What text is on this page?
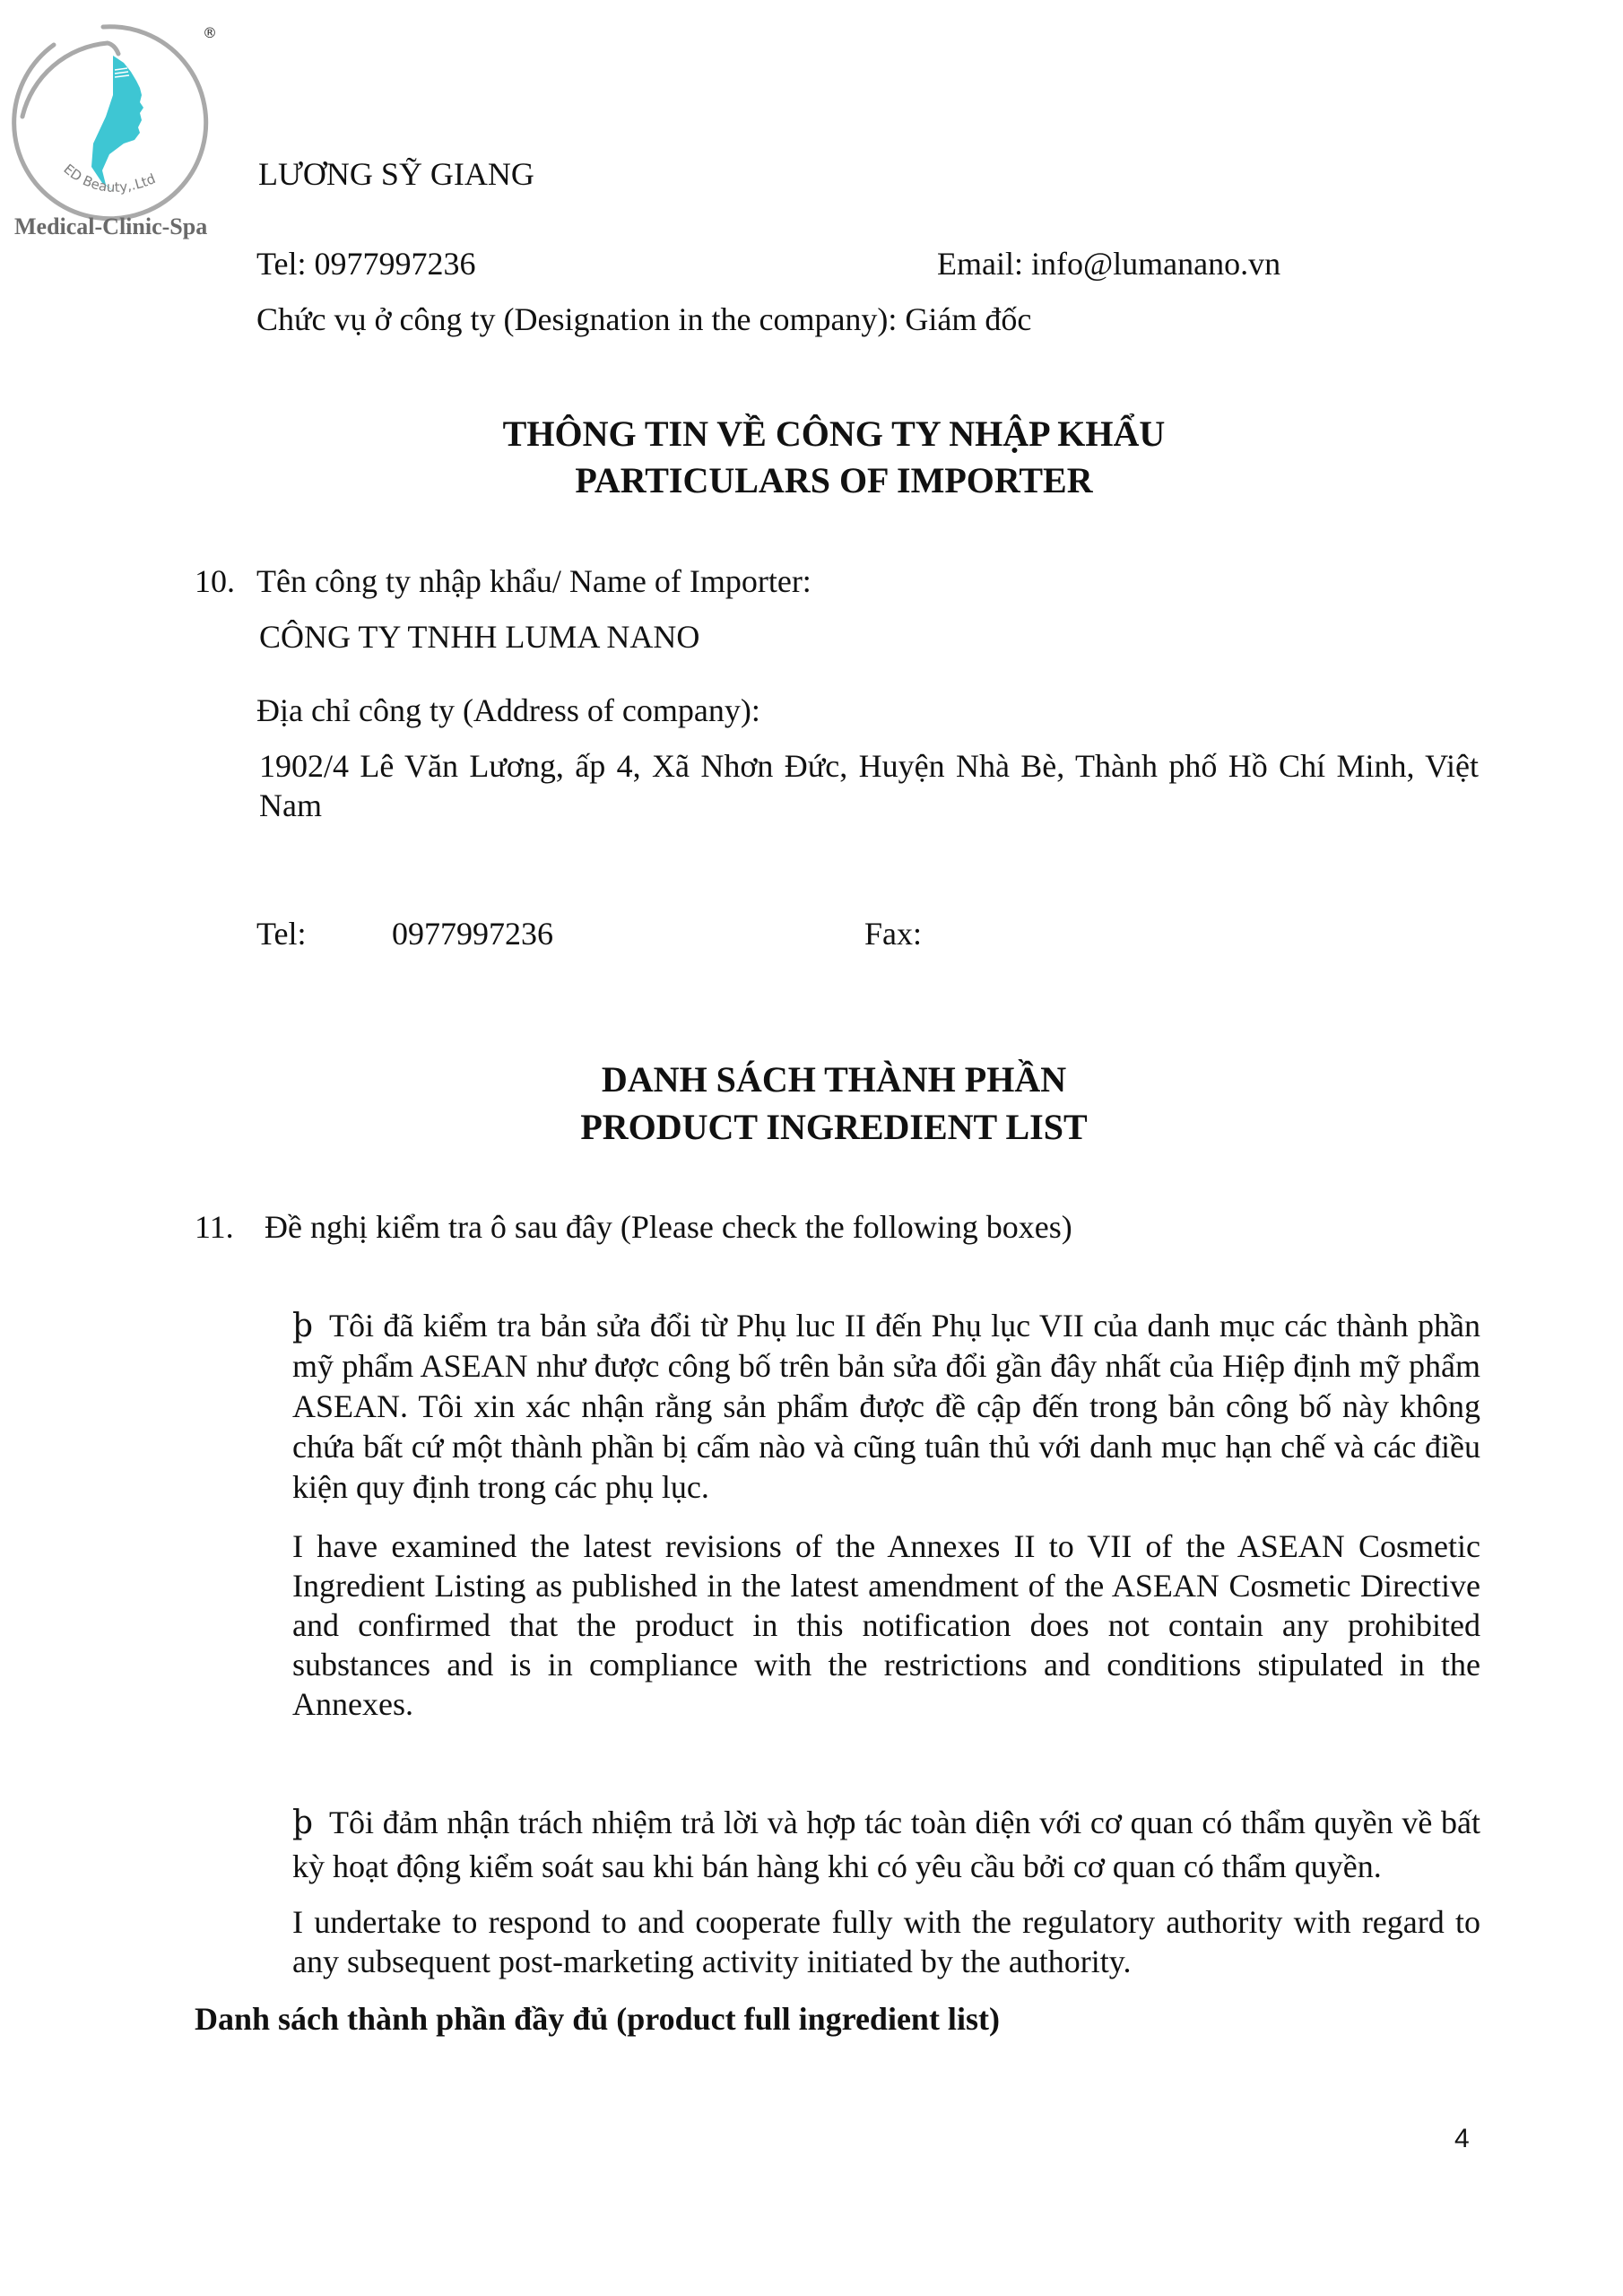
ED Beauty,.Ltd
®
Medical-Clinic-Spa
LƯƠNG SỸ GIANG
Tel: 0977997236	Email: info@lumanano.vn
Chức vụ ở công ty (Designation in the company): Giám đốc
THÔNG TIN VỀ CÔNG TY NHẬP KHẨU
PARTICULARS OF IMPORTER
10. Tên công ty nhập khẩu/ Name of Importer:
CÔNG TY TNHH LUMA NANO
Địa chỉ công ty (Address of company):
1902/4 Lê Văn Lương, ấp 4, Xã Nhơn Đức, Huyện Nhà Bè, Thành phố Hồ Chí Minh, Việt
Nam
Tel:	0977997236	Fax:
DANH SÁCH THÀNH PHẦN
PRODUCT INGREDIENT LIST
11. Đề nghị kiểm tra ô sau đây (Please check the following boxes)
þ Tôi đã kiểm tra bản sửa đổi từ Phụ luc II đến Phụ lục VII của danh mục các thành phần mỹ phẩm ASEAN như được công bố trên bản sửa đổi gần đây nhất của Hiệp định mỹ phẩm ASEAN. Tôi xin xác nhận rằng sản phẩm được đề cập đến trong bản công bố này không chứa bất cứ một thành phần bị cấm nào và cũng tuân thủ với danh mục hạn chế và các điều kiện quy định trong các phụ lục.
I have examined the latest revisions of the Annexes II to VII of the ASEAN Cosmetic Ingredient Listing as published in the latest amendment of the ASEAN Cosmetic Directive and confirmed that the product in this notification does not contain any prohibited substances and is in compliance with the restrictions and conditions stipulated in the Annexes.
þ Tôi đảm nhận trách nhiệm trả lời và hợp tác toàn diện với cơ quan có thẩm quyền về bất kỳ hoạt động kiểm soát sau khi bán hàng khi có yêu cầu bởi cơ quan có thẩm quyền.
I undertake to respond to and cooperate fully with the regulatory authority with regard to any subsequent post-marketing activity initiated by the authority.
Danh sách thành phần đầy đủ (product full ingredient list)
4
